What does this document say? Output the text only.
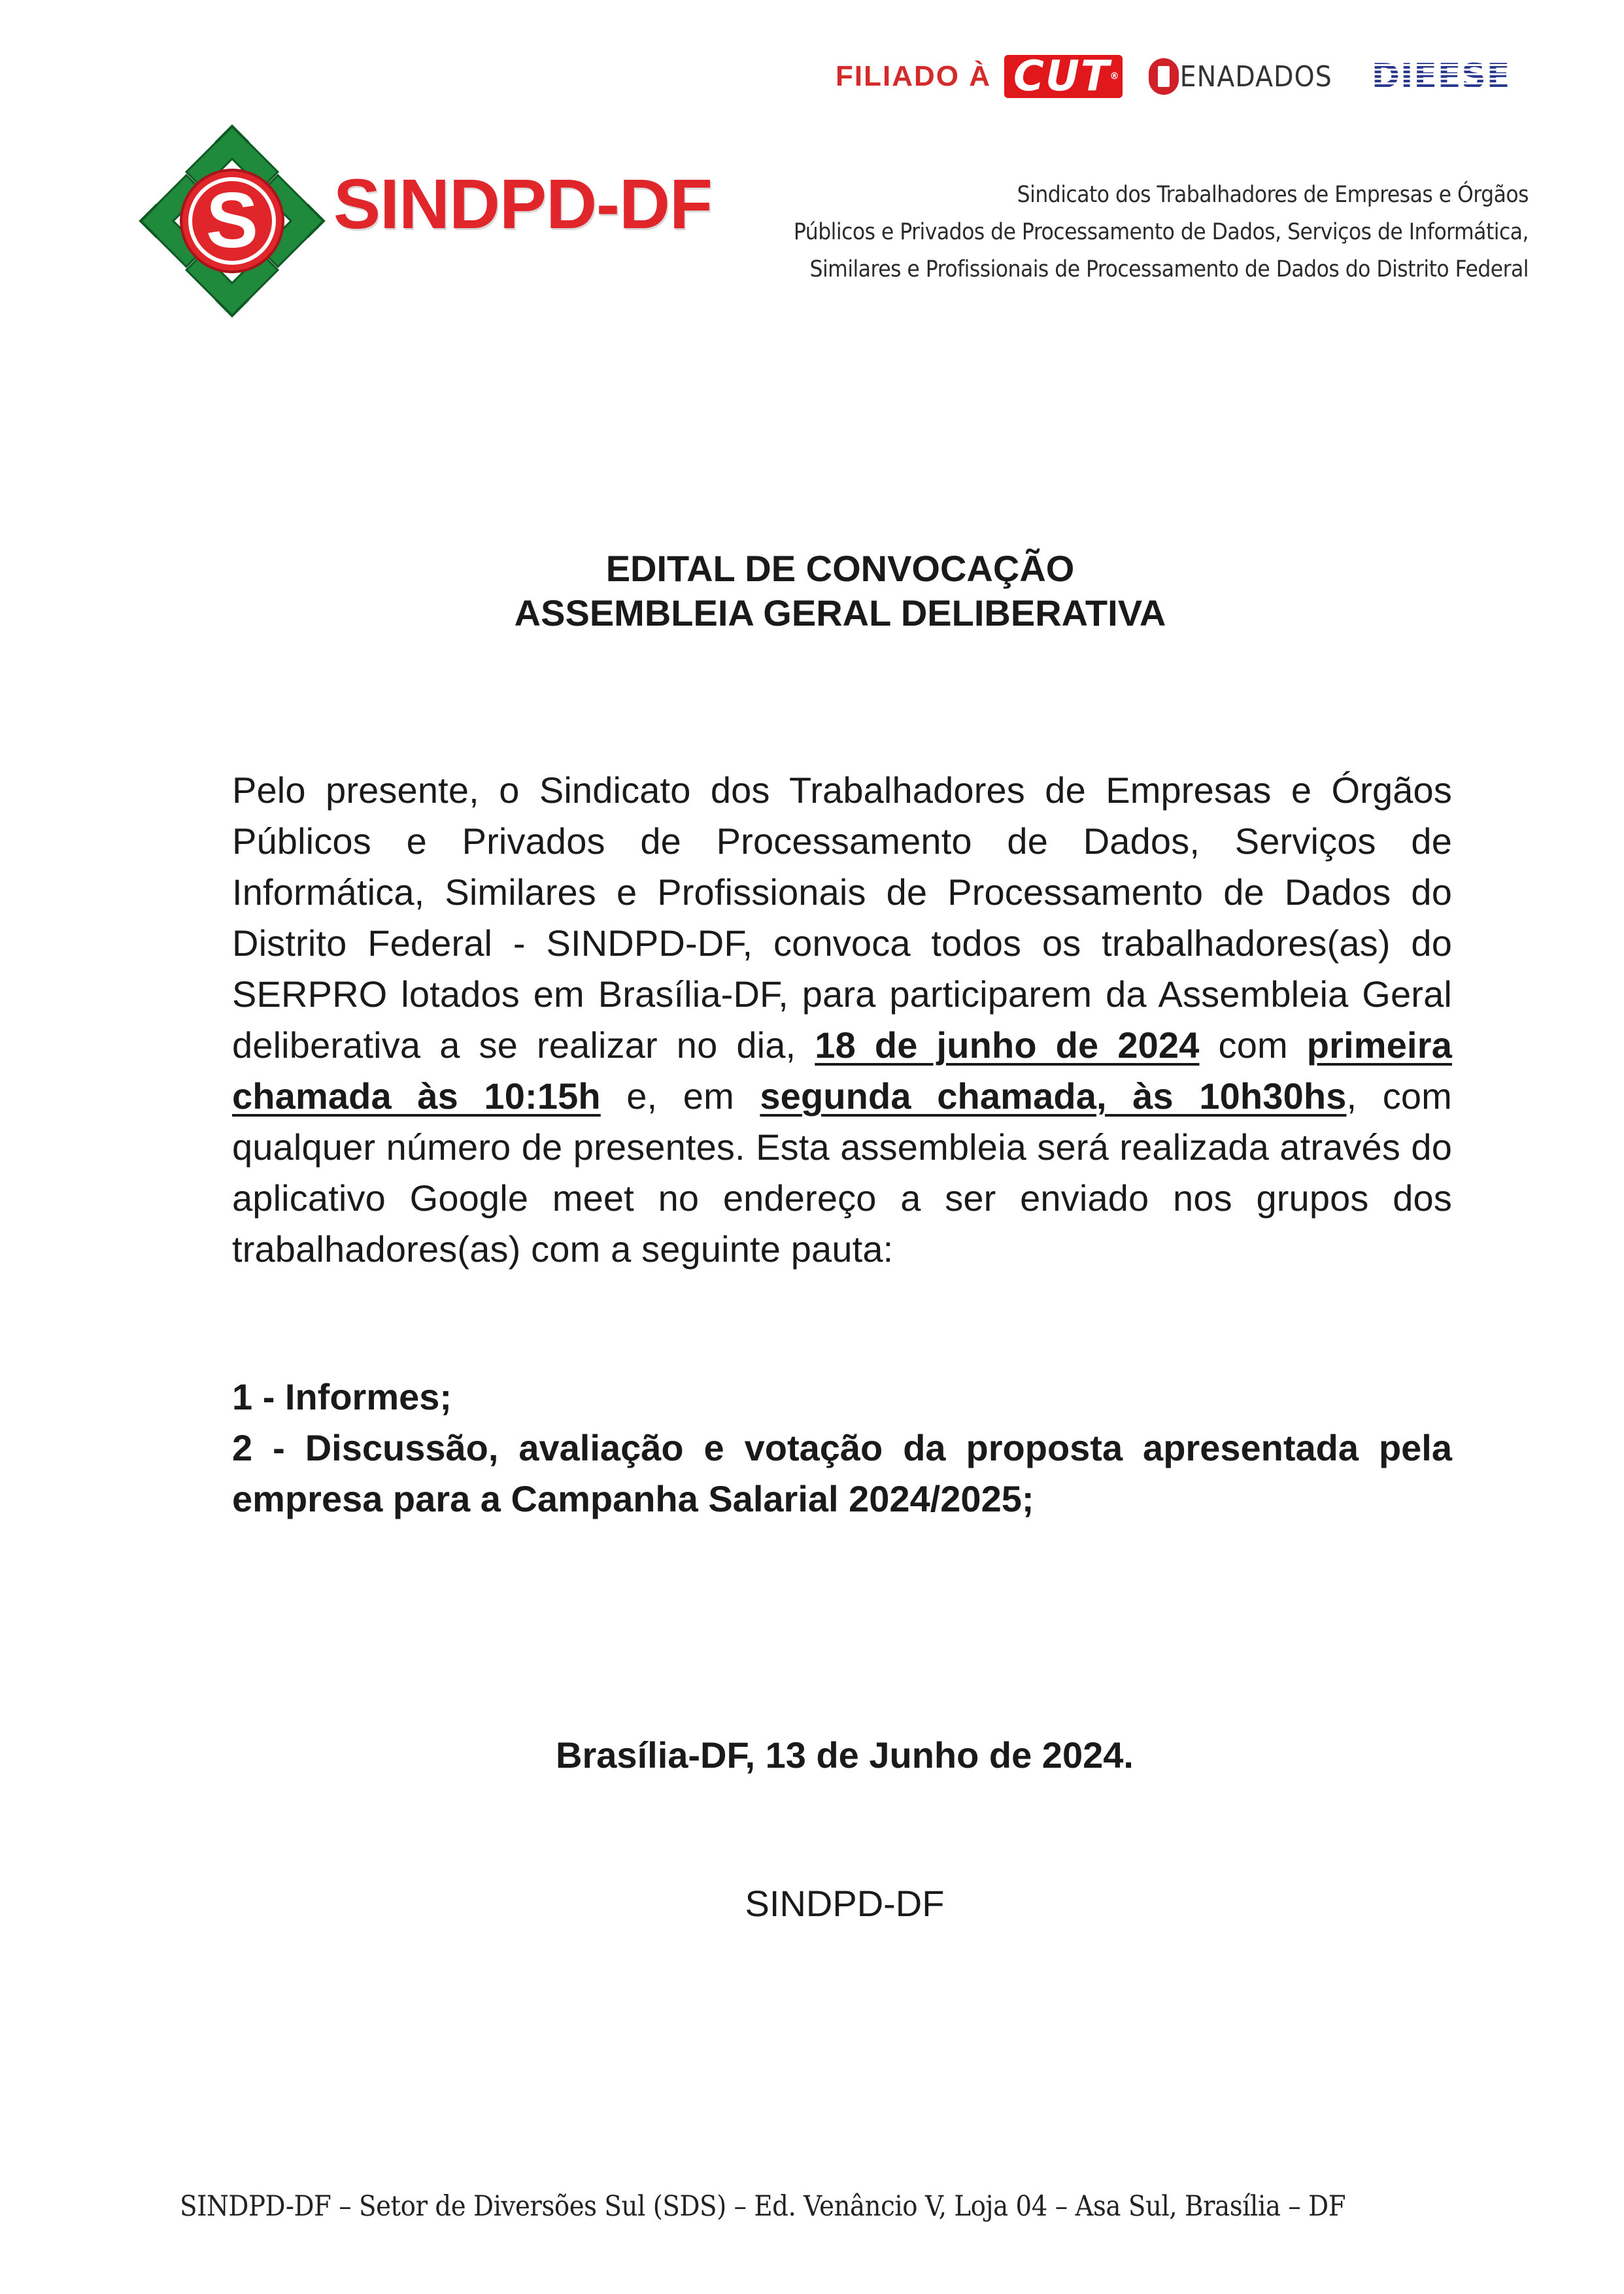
FILIADO À CUT ® ENADADOS DIEESE
S SINDPD-DF	Sindicato dos Trabalhadores de Empresas e Órgãos
Públicos e Privados de Processamento de Dados, Serviços de Informática,
Similares e Profissionais de Processamento de Dados do Distrito Federal
EDITAL DE CONVOCAÇÃO
ASSEMBLEIA GERAL DELIBERATIVA
Pelo presente, o Sindicato dos Trabalhadores de Empresas e Órgãos Públicos e Privados de Processamento de Dados, Serviços de Informática, Similares e Profissionais de Processamento de Dados do Distrito Federal - SINDPD-DF, convoca todos os trabalhadores(as) do SERPRO lotados em Brasília-DF, para participarem da Assembleia Geral deliberativa a se realizar no dia, 18 de junho de 2024 com primeira chamada às 10:15h e, em segunda chamada, às 10h30hs, com qualquer número de presentes. Esta assembleia será realizada através do aplicativo Google meet no endereço a ser enviado nos grupos dos trabalhadores(as) com a seguinte pauta:
1 - Informes;
2 - Discussão, avaliação e votação da proposta apresentada pela empresa para a Campanha Salarial 2024/2025;
Brasília-DF, 13 de Junho de 2024.
SINDPD-DF
SINDPD-DF – Setor de Diversões Sul (SDS) – Ed. Venâncio V, Loja 04 – Asa Sul, Brasília – DF
